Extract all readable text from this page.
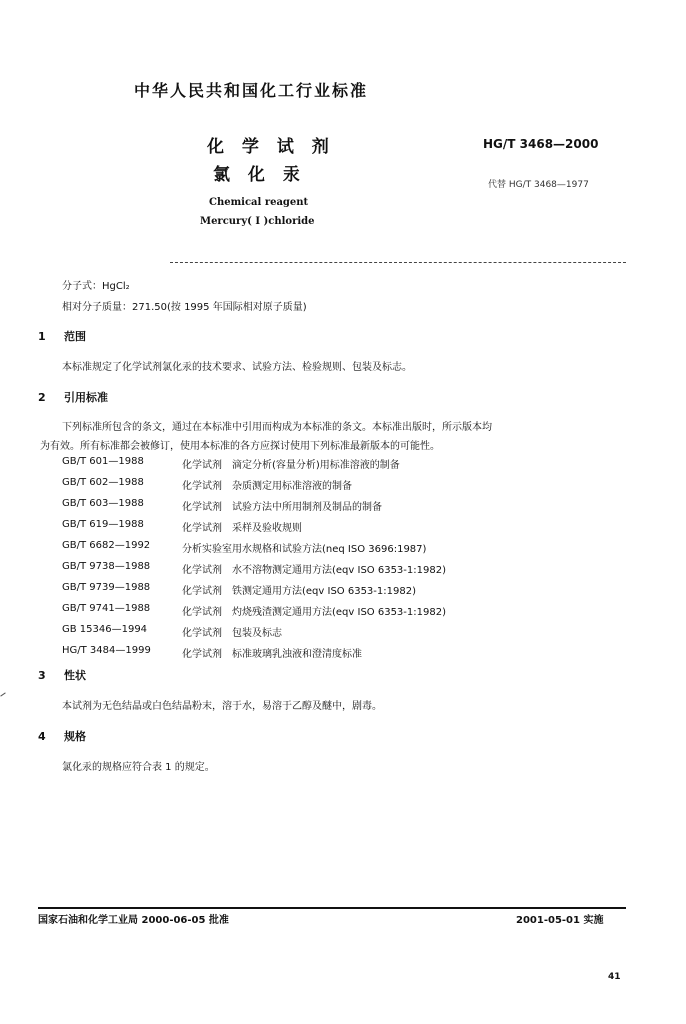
中华人民共和国化工行业标准
化 学 试 剂
氯 化 汞
HG/T 3468—2000
代替 HG/T 3468—1977
Chemical reagent
Mercury( I )chloride
分子式：HgCl₂
相对分子质量：271.50(按 1995 年国际相对原子质量)
1 范围
本标准规定了化学试剂氯化汞的技术要求、试验方法、检验规则、包装及标志。
2 引用标准
下列标准所包含的条文，通过在本标准中引用而构成为本标准的条文。本标准出版时，所示版本均
为有效。所有标准都会被修订，使用本标准的各方应探讨使用下列标准最新版本的可能性。
GB/T 601—1988	化学试剂　滴定分析(容量分析)用标准溶液的制备
GB/T 602—1988	化学试剂　杂质测定用标准溶液的制备
GB/T 603—1988	化学试剂　试验方法中所用制剂及制品的制备
GB/T 619—1988	化学试剂　采样及验收规则
GB/T 6682—1992	分析实验室用水规格和试验方法(neq ISO 3696:1987)
GB/T 9738—1988	化学试剂　水不溶物测定通用方法(eqv ISO 6353-1:1982)
GB/T 9739—1988	化学试剂　铁测定通用方法(eqv ISO 6353-1:1982)
GB/T 9741—1988	化学试剂　灼烧残渣测定通用方法(eqv ISO 6353-1:1982)
GB 15346—1994	化学试剂　包装及标志
HG/T 3484—1999	化学试剂　标准玻璃乳浊液和澄清度标准
3 性状
本试剂为无色结晶或白色结晶粉末，溶于水，易溶于乙醇及醚中，剧毒。
4 规格
氯化汞的规格应符合表 1 的规定。
国家石油和化学工业局 2000-06-05 批准	2001-05-01 实施
41
